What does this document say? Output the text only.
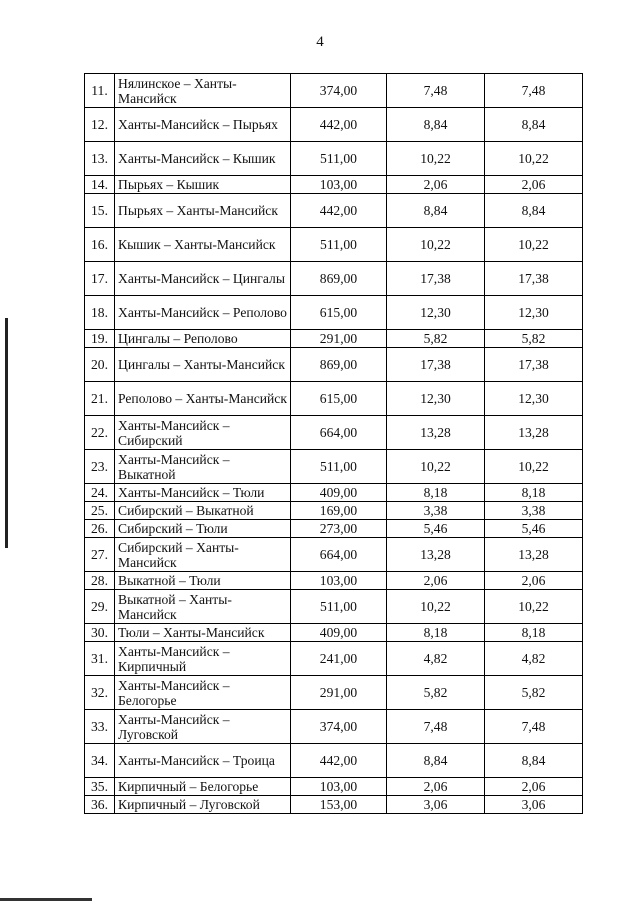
4
11.	Нялинское – Ханты-Мансийск	374,00	7,48	7,48
12.	Ханты-Мансийск – Пырьях	442,00	8,84	8,84
13.	Ханты-Мансийск – Кышик	511,00	10,22	10,22
14.	Пырьях – Кышик	103,00	2,06	2,06
15.	Пырьях – Ханты-Мансийск	442,00	8,84	8,84
16.	Кышик – Ханты-Мансийск	511,00	10,22	10,22
17.	Ханты-Мансийск – Цингалы	869,00	17,38	17,38
18.	Ханты-Мансийск – Реполово	615,00	12,30	12,30
19.	Цингалы – Реполово	291,00	5,82	5,82
20.	Цингалы – Ханты-Мансийск	869,00	17,38	17,38
21.	Реполово – Ханты-Мансийск	615,00	12,30	12,30
22.	Ханты-Мансийск – Сибирский	664,00	13,28	13,28
23.	Ханты-Мансийск – Выкатной	511,00	10,22	10,22
24.	Ханты-Мансийск – Тюли	409,00	8,18	8,18
25.	Сибирский – Выкатной	169,00	3,38	3,38
26.	Сибирский – Тюли	273,00	5,46	5,46
27.	Сибирский – Ханты-Мансийск	664,00	13,28	13,28
28.	Выкатной – Тюли	103,00	2,06	2,06
29.	Выкатной – Ханты-Мансийск	511,00	10,22	10,22
30.	Тюли – Ханты-Мансийск	409,00	8,18	8,18
31.	Ханты-Мансийск – Кирпичный	241,00	4,82	4,82
32.	Ханты-Мансийск – Белогорье	291,00	5,82	5,82
33.	Ханты-Мансийск – Луговской	374,00	7,48	7,48
34.	Ханты-Мансийск – Троица	442,00	8,84	8,84
35.	Кирпичный – Белогорье	103,00	2,06	2,06
36.	Кирпичный – Луговской	153,00	3,06	3,06
